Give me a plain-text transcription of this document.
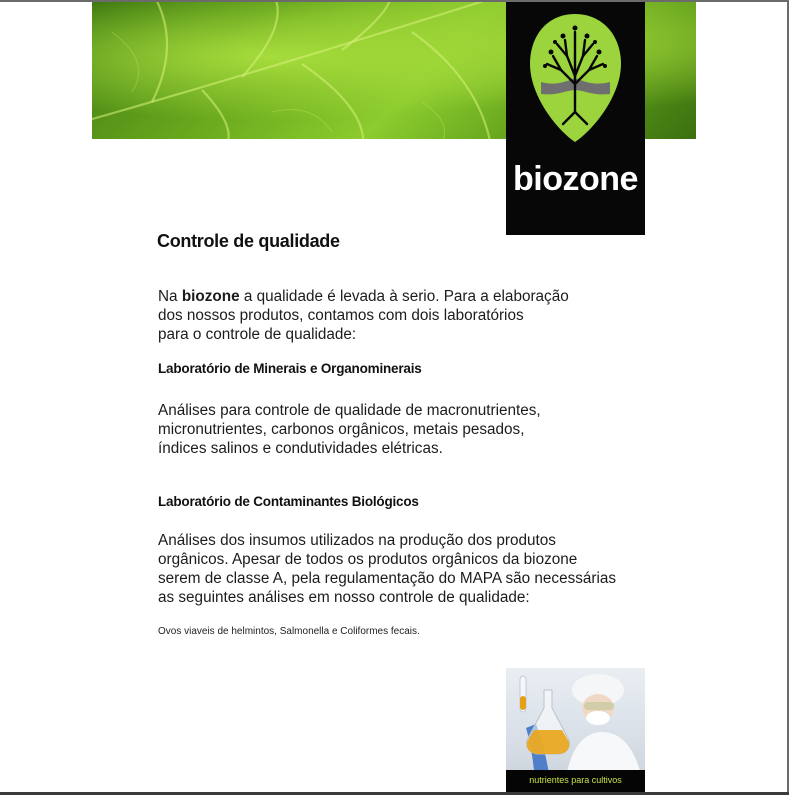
biozone
Controle de qualidade
Na biozone a qualidade é levada à serio. Para a elaboração
dos nossos produtos, contamos com dois laboratórios
para o controle de qualidade:
Laboratório de Minerais e Organominerais
Análises para controle de qualidade de macronutrientes,
micronutrientes, carbonos orgânicos, metais pesados,
índices salinos e condutividades elétricas.
Laboratório de Contaminantes Biológicos
Análises dos insumos utilizados na produção dos produtos
orgânicos. Apesar de todos os produtos orgânicos da biozone
serem de classe A, pela regulamentação do MAPA são necessárias
as seguintes análises em nosso controle de qualidade:
Ovos viaveis de helmintos, Salmonella e Coliformes fecais.
nutrientes para cultivos
